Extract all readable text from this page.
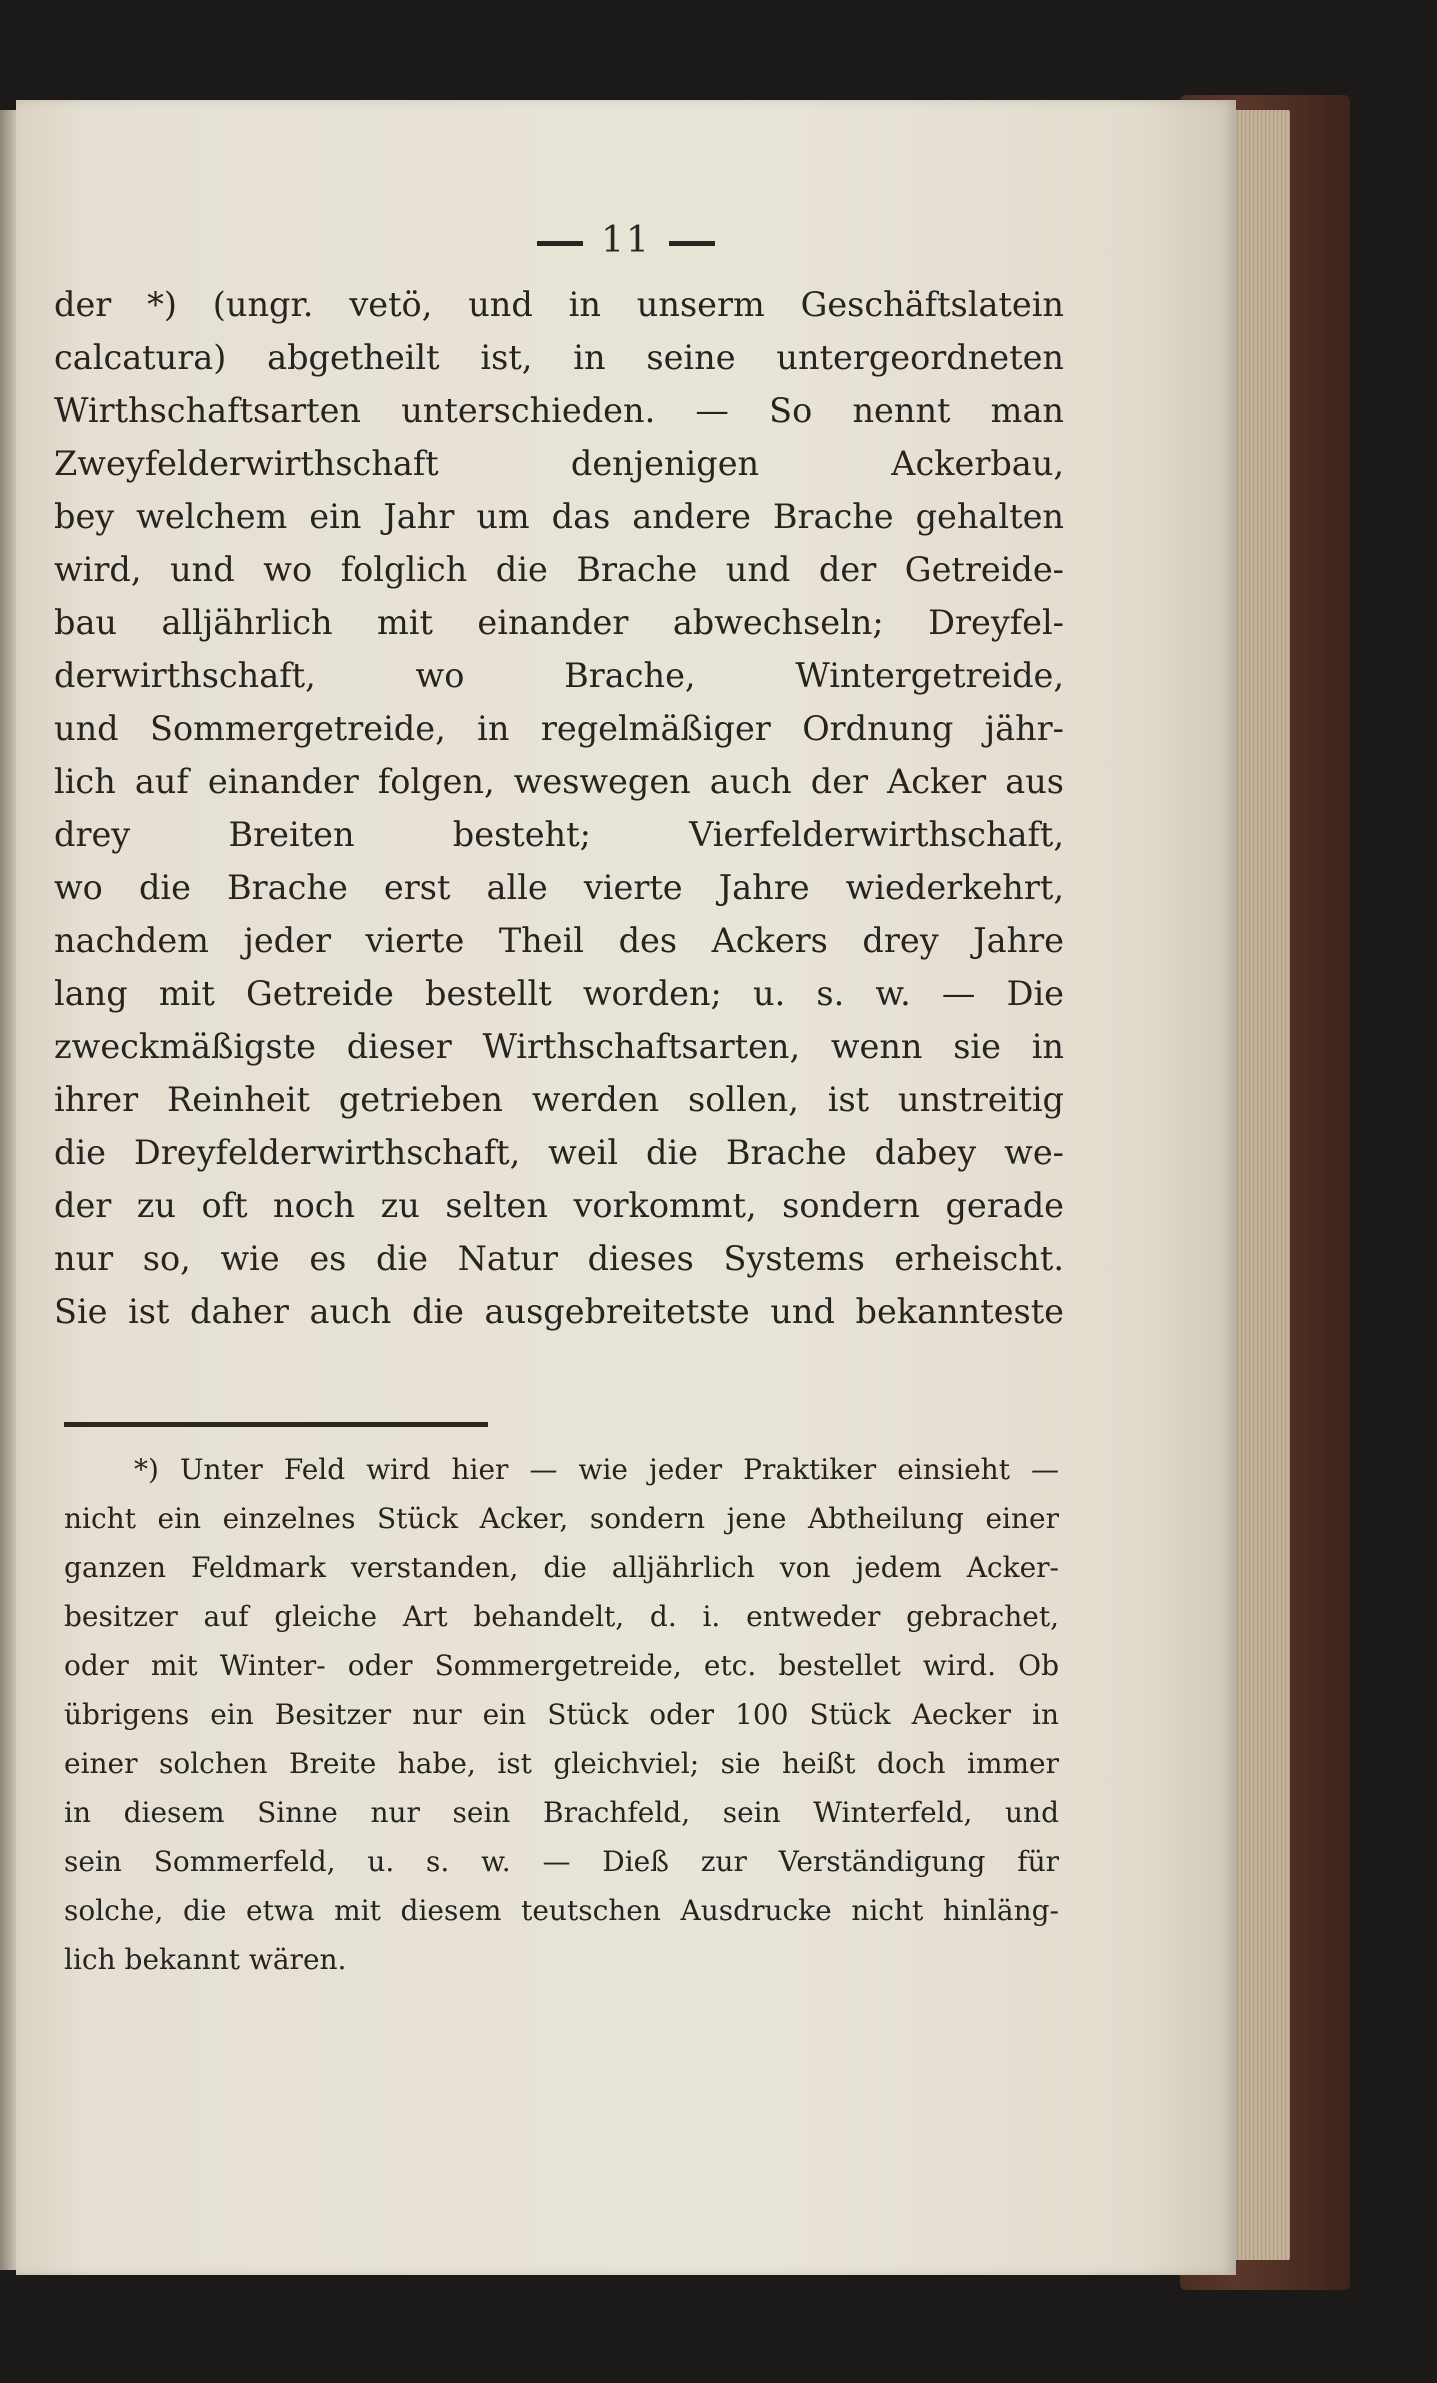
11
der *) (ungr. vetö, und in unserm Geschäftslatein
calcatura) abgetheilt ist, in seine untergeordneten
Wirthschaftsarten unterschieden. — So nennt man
Zweyfelderwirthschaft denjenigen Ackerbau,
bey welchem ein Jahr um das andere Brache gehalten
wird, und wo folglich die Brache und der Getreide-
bau alljährlich mit einander abwechseln; Dreyfel-
derwirthschaft, wo Brache, Wintergetreide,
und Sommergetreide, in regelmäßiger Ordnung jähr-
lich auf einander folgen, weswegen auch der Acker aus
drey Breiten besteht; Vierfelderwirthschaft,
wo die Brache erst alle vierte Jahre wiederkehrt,
nachdem jeder vierte Theil des Ackers drey Jahre
lang mit Getreide bestellt worden; u. s. w. — Die
zweckmäßigste dieser Wirthschaftsarten, wenn sie in
ihrer Reinheit getrieben werden sollen, ist unstreitig
die Dreyfelderwirthschaft, weil die Brache dabey we-
der zu oft noch zu selten vorkommt, sondern gerade
nur so, wie es die Natur dieses Systems erheischt.
Sie ist daher auch die ausgebreitetste und bekannteste
*) Unter Feld wird hier — wie jeder Praktiker einsieht —
nicht ein einzelnes Stück Acker, sondern jene Abtheilung einer
ganzen Feldmark verstanden, die alljährlich von jedem Acker-
besitzer auf gleiche Art behandelt, d. i. entweder gebrachet,
oder mit Winter- oder Sommergetreide, etc. bestellet wird. Ob
übrigens ein Besitzer nur ein Stück oder 100 Stück Aecker in
einer solchen Breite habe, ist gleichviel; sie heißt doch immer
in diesem Sinne nur sein Brachfeld, sein Winterfeld, und
sein Sommerfeld, u. s. w. — Dieß zur Verständigung für
solche, die etwa mit diesem teutschen Ausdrucke nicht hinläng-
lich bekannt wären.
